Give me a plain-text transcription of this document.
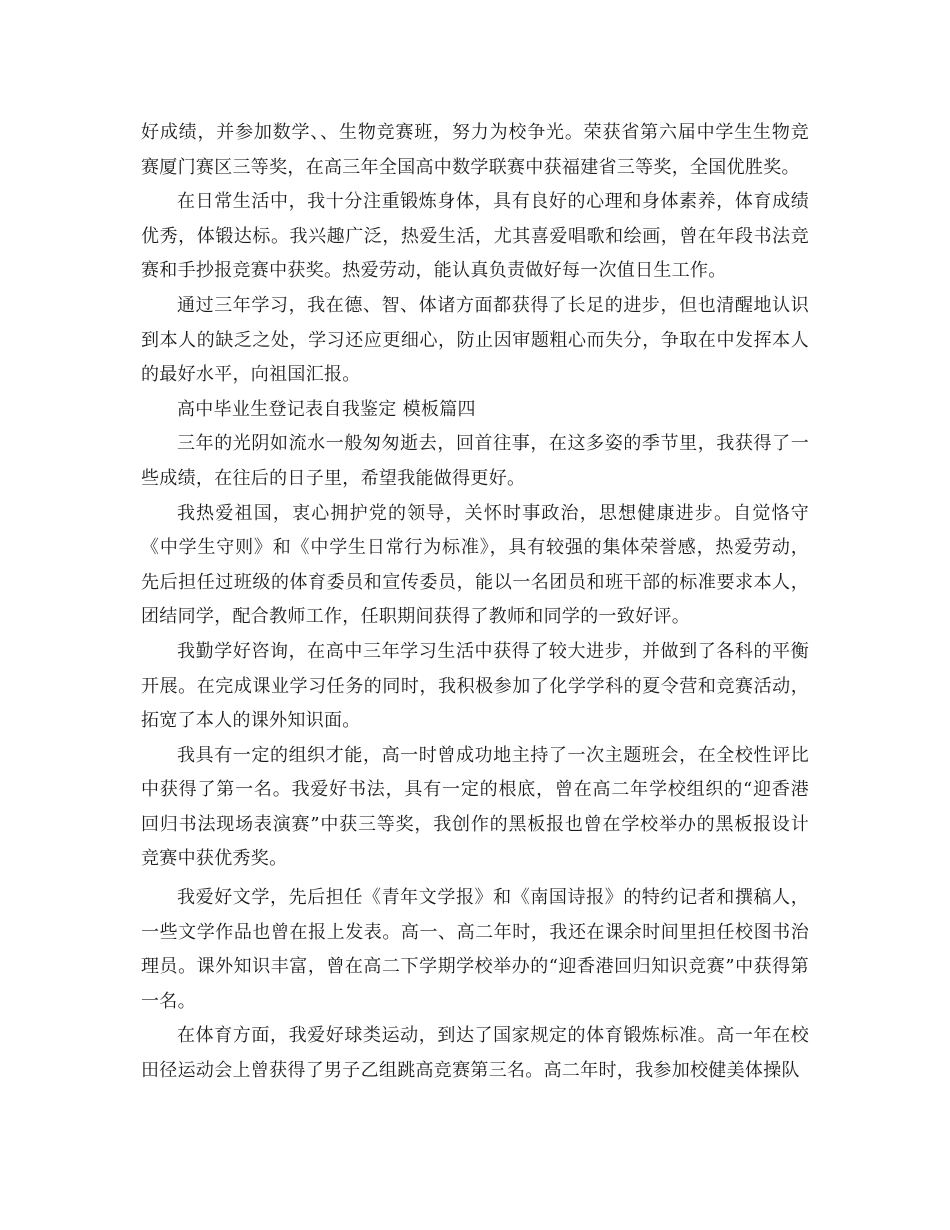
好成绩，并参加数学、、生物竞赛班，努力为校争光。荣获省第六届中学生生物竞赛厦门赛区三等奖，在高三年全国高中数学联赛中获福建省三等奖，全国优胜奖。

在日常生活中，我十分注重锻炼身体，具有良好的心理和身体素养，体育成绩优秀，体锻达标。我兴趣广泛，热爱生活，尤其喜爱唱歌和绘画，曾在年段书法竞赛和手抄报竞赛中获奖。热爱劳动，能认真负责做好每一次值日生工作。

通过三年学习，我在德、智、体诸方面都获得了长足的进步，但也清醒地认识到本人的缺乏之处，学习还应更细心，防止因审题粗心而失分，争取在中发挥本人的最好水平，向祖国汇报。

高中毕业生登记表自我鉴定 模板篇四

三年的光阴如流水一般匆匆逝去，回首往事，在这多姿的季节里，我获得了一些成绩，在往后的日子里，希望我能做得更好。

我热爱祖国，衷心拥护党的领导，关怀时事政治，思想健康进步。自觉恪守《中学生守则》和《中学生日常行为标准》，具有较强的集体荣誉感，热爱劳动，先后担任过班级的体育委员和宣传委员，能以一名团员和班干部的标准要求本人，团结同学，配合教师工作，任职期间获得了教师和同学的一致好评。

我勤学好咨询，在高中三年学习生活中获得了较大进步，并做到了各科的平衡开展。在完成课业学习任务的同时，我积极参加了化学学科的夏令营和竞赛活动，拓宽了本人的课外知识面。

我具有一定的组织才能，高一时曾成功地主持了一次主题班会，在全校性评比中获得了第一名。我爱好书法，具有一定的根底，曾在高二年学校组织的“迎香港回归书法现场表演赛”中获三等奖，我创作的黑板报也曾在学校举办的黑板报设计竞赛中获优秀奖。

我爱好文学，先后担任《青年文学报》和《南国诗报》的特约记者和撰稿人，一些文学作品也曾在报上发表。高一、高二年时，我还在课余时间里担任校图书治理员。课外知识丰富，曾在高二下学期学校举办的“迎香港回归知识竞赛”中获得第一名。

在体育方面，我爱好球类运动，到达了国家规定的体育锻炼标准。高一年在校田径运动会上曾获得了男子乙组跳高竞赛第三名。高二年时，我参加校健美体操队
